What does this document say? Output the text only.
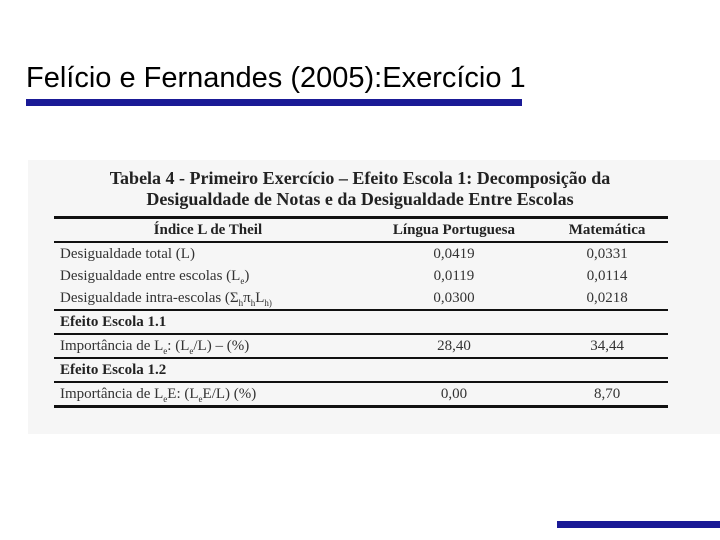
Felício e Fernandes (2005):Exercício 1
Tabela 4 - Primeiro Exercício – Efeito Escola 1: Decomposição da
Desigualdade de Notas e da Desigualdade Entre Escolas
Índice L de Theil	Língua Portuguesa	Matemática
Desigualdade total (L)	0,0419	0,0331
Desigualdade entre escolas $(L_e)$	0,0119	0,0114
Desigualdade intra-escolas ($\Sigma_h\pi_hL_{h)}$	0,0300	0,0218
Efeito Escola 1.1		
Importância de $L_e$: $(L_e/L)$ – (%)	28,40	34,44
Efeito Escola 1.2		
Importância de $L_eE$: $(L_eE/L)$ (%)	0,00	8,70
